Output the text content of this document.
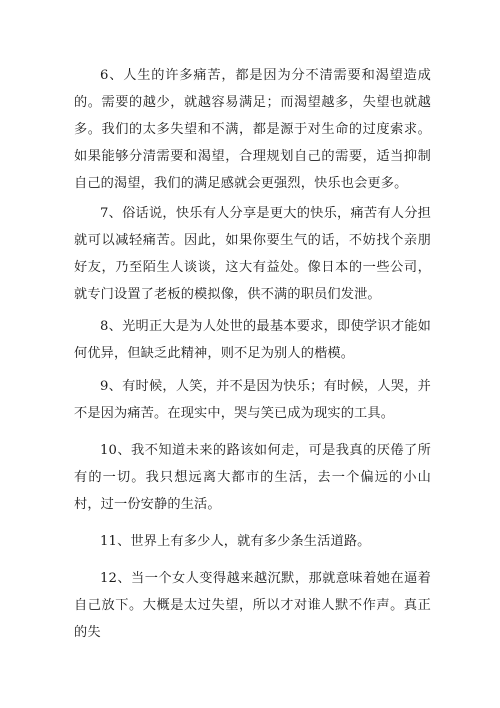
6、人生的许多痛苦，都是因为分不清需要和渴望造成的。需要的越少，就越容易满足；而渴望越多，失望也就越多。我们的太多失望和不满，都是源于对生命的过度索求。如果能够分清需要和渴望，合理规划自己的需要，适当抑制自己的渴望，我们的满足感就会更强烈，快乐也会更多。

7、俗话说，快乐有人分享是更大的快乐，痛苦有人分担就可以减轻痛苦。因此，如果你要生气的话，不妨找个亲朋好友，乃至陌生人谈谈，这大有益处。像日本的一些公司，就专门设置了老板的模拟像，供不满的职员们发泄。

8、光明正大是为人处世的最基本要求，即使学识才能如何优异，但缺乏此精神，则不足为别人的楷模。

9、有时候，人笑，并不是因为快乐；有时候，人哭，并不是因为痛苦。在现实中，哭与笑已成为现实的工具。

10、我不知道未来的路该如何走，可是我真的厌倦了所有的一切。我只想远离大都市的生活，去一个偏远的小山村，过一份安静的生活。

11、世界上有多少人，就有多少条生活道路。

12、当一个女人变得越来越沉默，那就意味着她在逼着自己放下。大概是太过失望，所以才对谁人默不作声。真正的失
